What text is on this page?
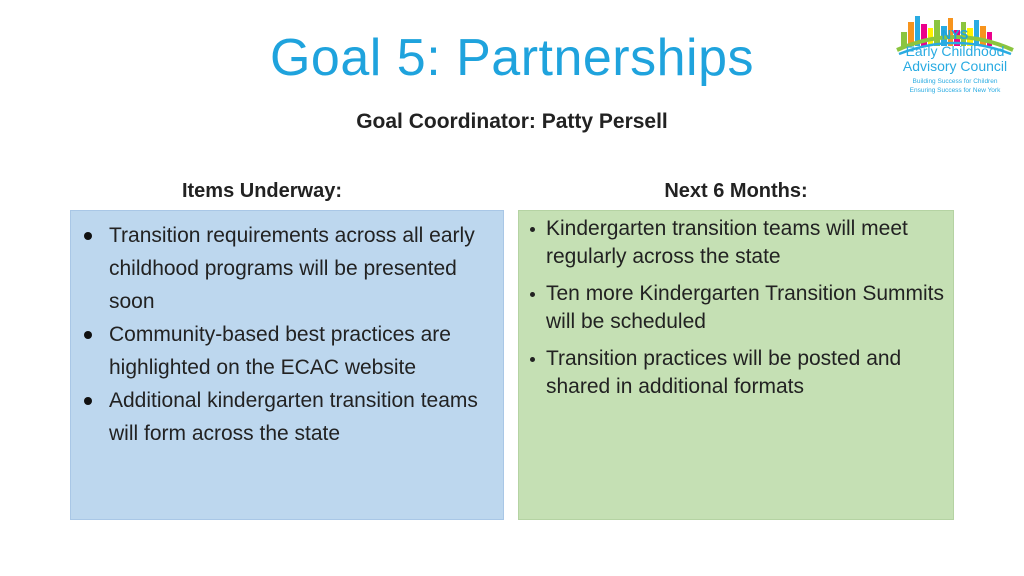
Goal 5: Partnerships
Goal Coordinator: Patty Persell
NYS
Early Childhood
Advisory Council
Building Success for Children
Ensuring Success for New York
Items Underway:	Next 6 Months:
Transition requirements across all early childhood programs will be presented soon
Community-based best practices are highlighted on the ECAC website
Additional kindergarten transition teams will form across the state
Kindergarten transition teams will meet regularly across the state
Ten more Kindergarten Transition Summits will be scheduled
Transition practices will be posted and shared in additional formats
